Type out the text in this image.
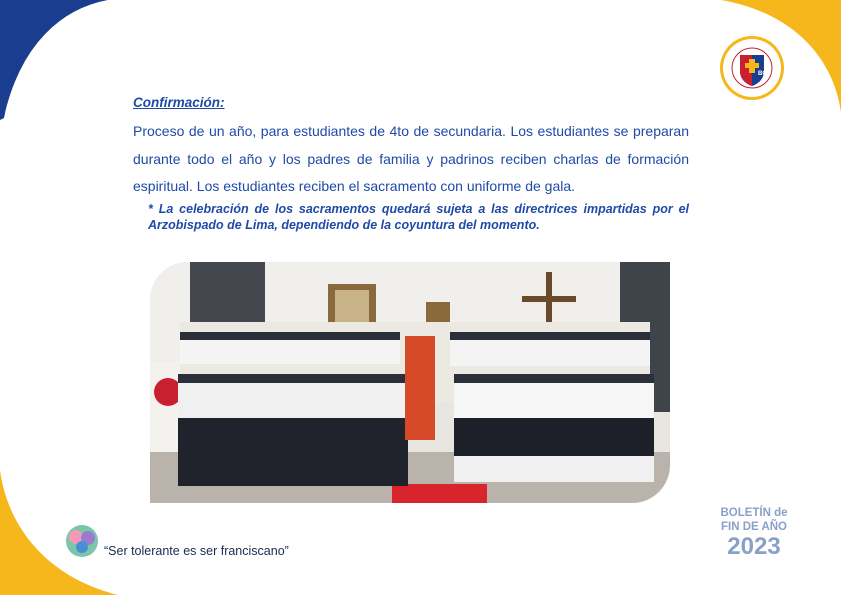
BC
Confirmación:
Proceso de un año, para estudiantes de 4to de secundaria. Los estudiantes se preparan durante todo el año y los padres de familia y padrinos reciben charlas de formación espiritual. Los estudiantes reciben el sacramento con uniforme de gala.
* La celebración de los sacramentos quedará sujeta a las directrices impartidas por el Arzobispado de Lima, dependiendo de la coyuntura del momento.
“Ser tolerante es ser franciscano”
BOLETÍN de
FIN DE AÑO
2023
